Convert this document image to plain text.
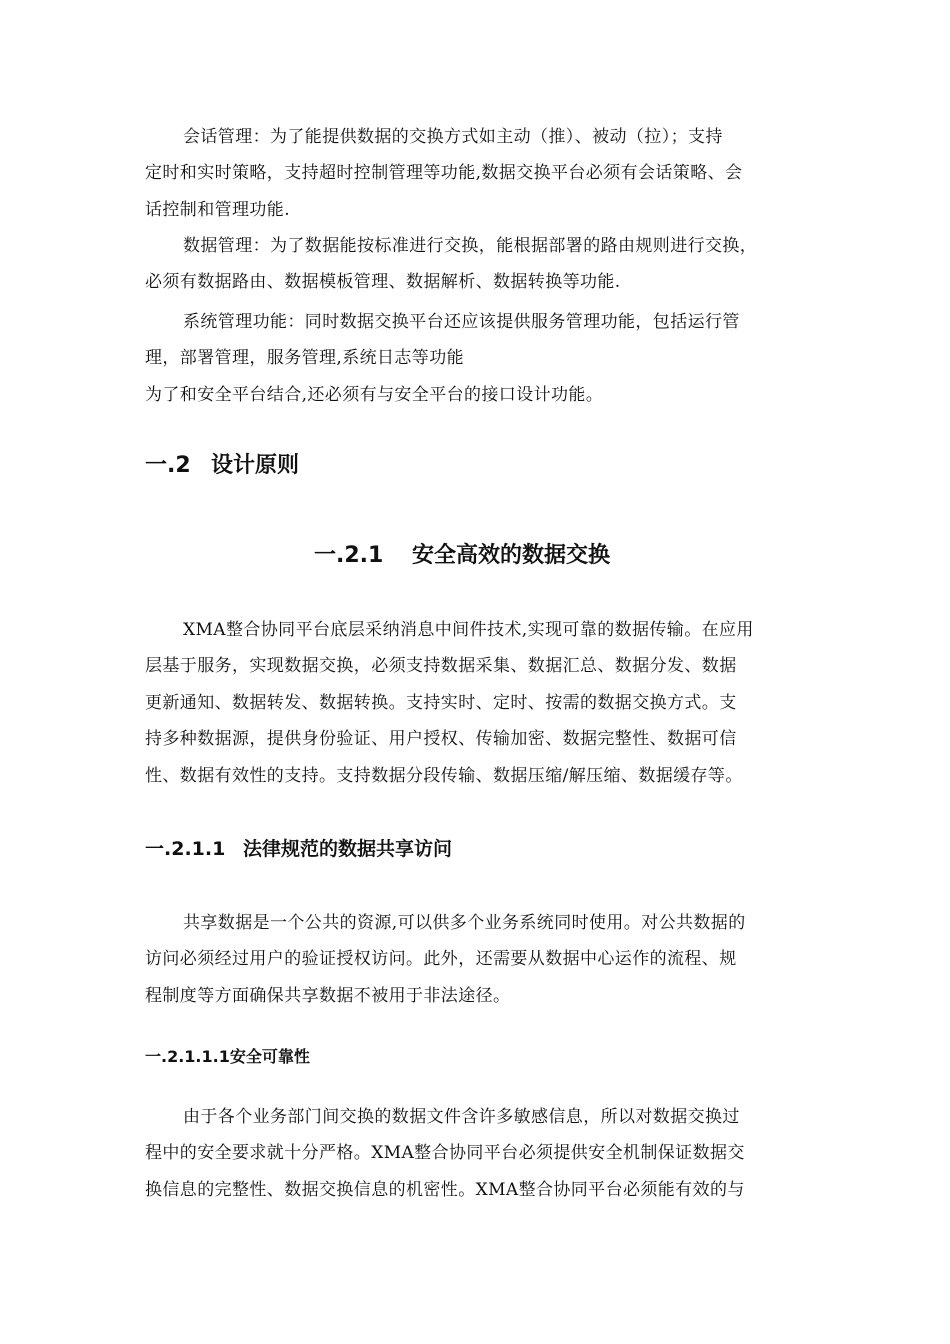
会话管理：为了能提供数据的交换方式如主动（推）、被动（拉）；支持
定时和实时策略，支持超时控制管理等功能,数据交换平台必须有会话策略、会
话控制和管理功能.
数据管理：为了数据能按标准进行交换，能根据部署的路由规则进行交换，
必须有数据路由、数据模板管理、数据解析、数据转换等功能.
系统管理功能：同时数据交换平台还应该提供服务管理功能，包括运行管
理，部署管理，服务管理,系统日志等功能
为了和安全平台结合,还必须有与安全平台的接口设计功能。
一.2 设计原则
一.2.1 安全高效的数据交换
XMA整合协同平台底层采纳消息中间件技术,实现可靠的数据传输。在应用
层基于服务，实现数据交换，必须支持数据采集、数据汇总、数据分发、数据
更新通知、数据转发、数据转换。支持实时、定时、按需的数据交换方式。支
持多种数据源，提供身份验证、用户授权、传输加密、数据完整性、数据可信
性、数据有效性的支持。支持数据分段传输、数据压缩/解压缩、数据缓存等。
一.2.1.1 法律规范的数据共享访问
共享数据是一个公共的资源,可以供多个业务系统同时使用。对公共数据的
访问必须经过用户的验证授权访问。此外，还需要从数据中心运作的流程、规
程制度等方面确保共享数据不被用于非法途径。
一.2.1.1.1安全可靠性
由于各个业务部门间交换的数据文件含许多敏感信息，所以对数据交换过
程中的安全要求就十分严格。XMA整合协同平台必须提供安全机制保证数据交
换信息的完整性、数据交换信息的机密性。XMA整合协同平台必须能有效的与
